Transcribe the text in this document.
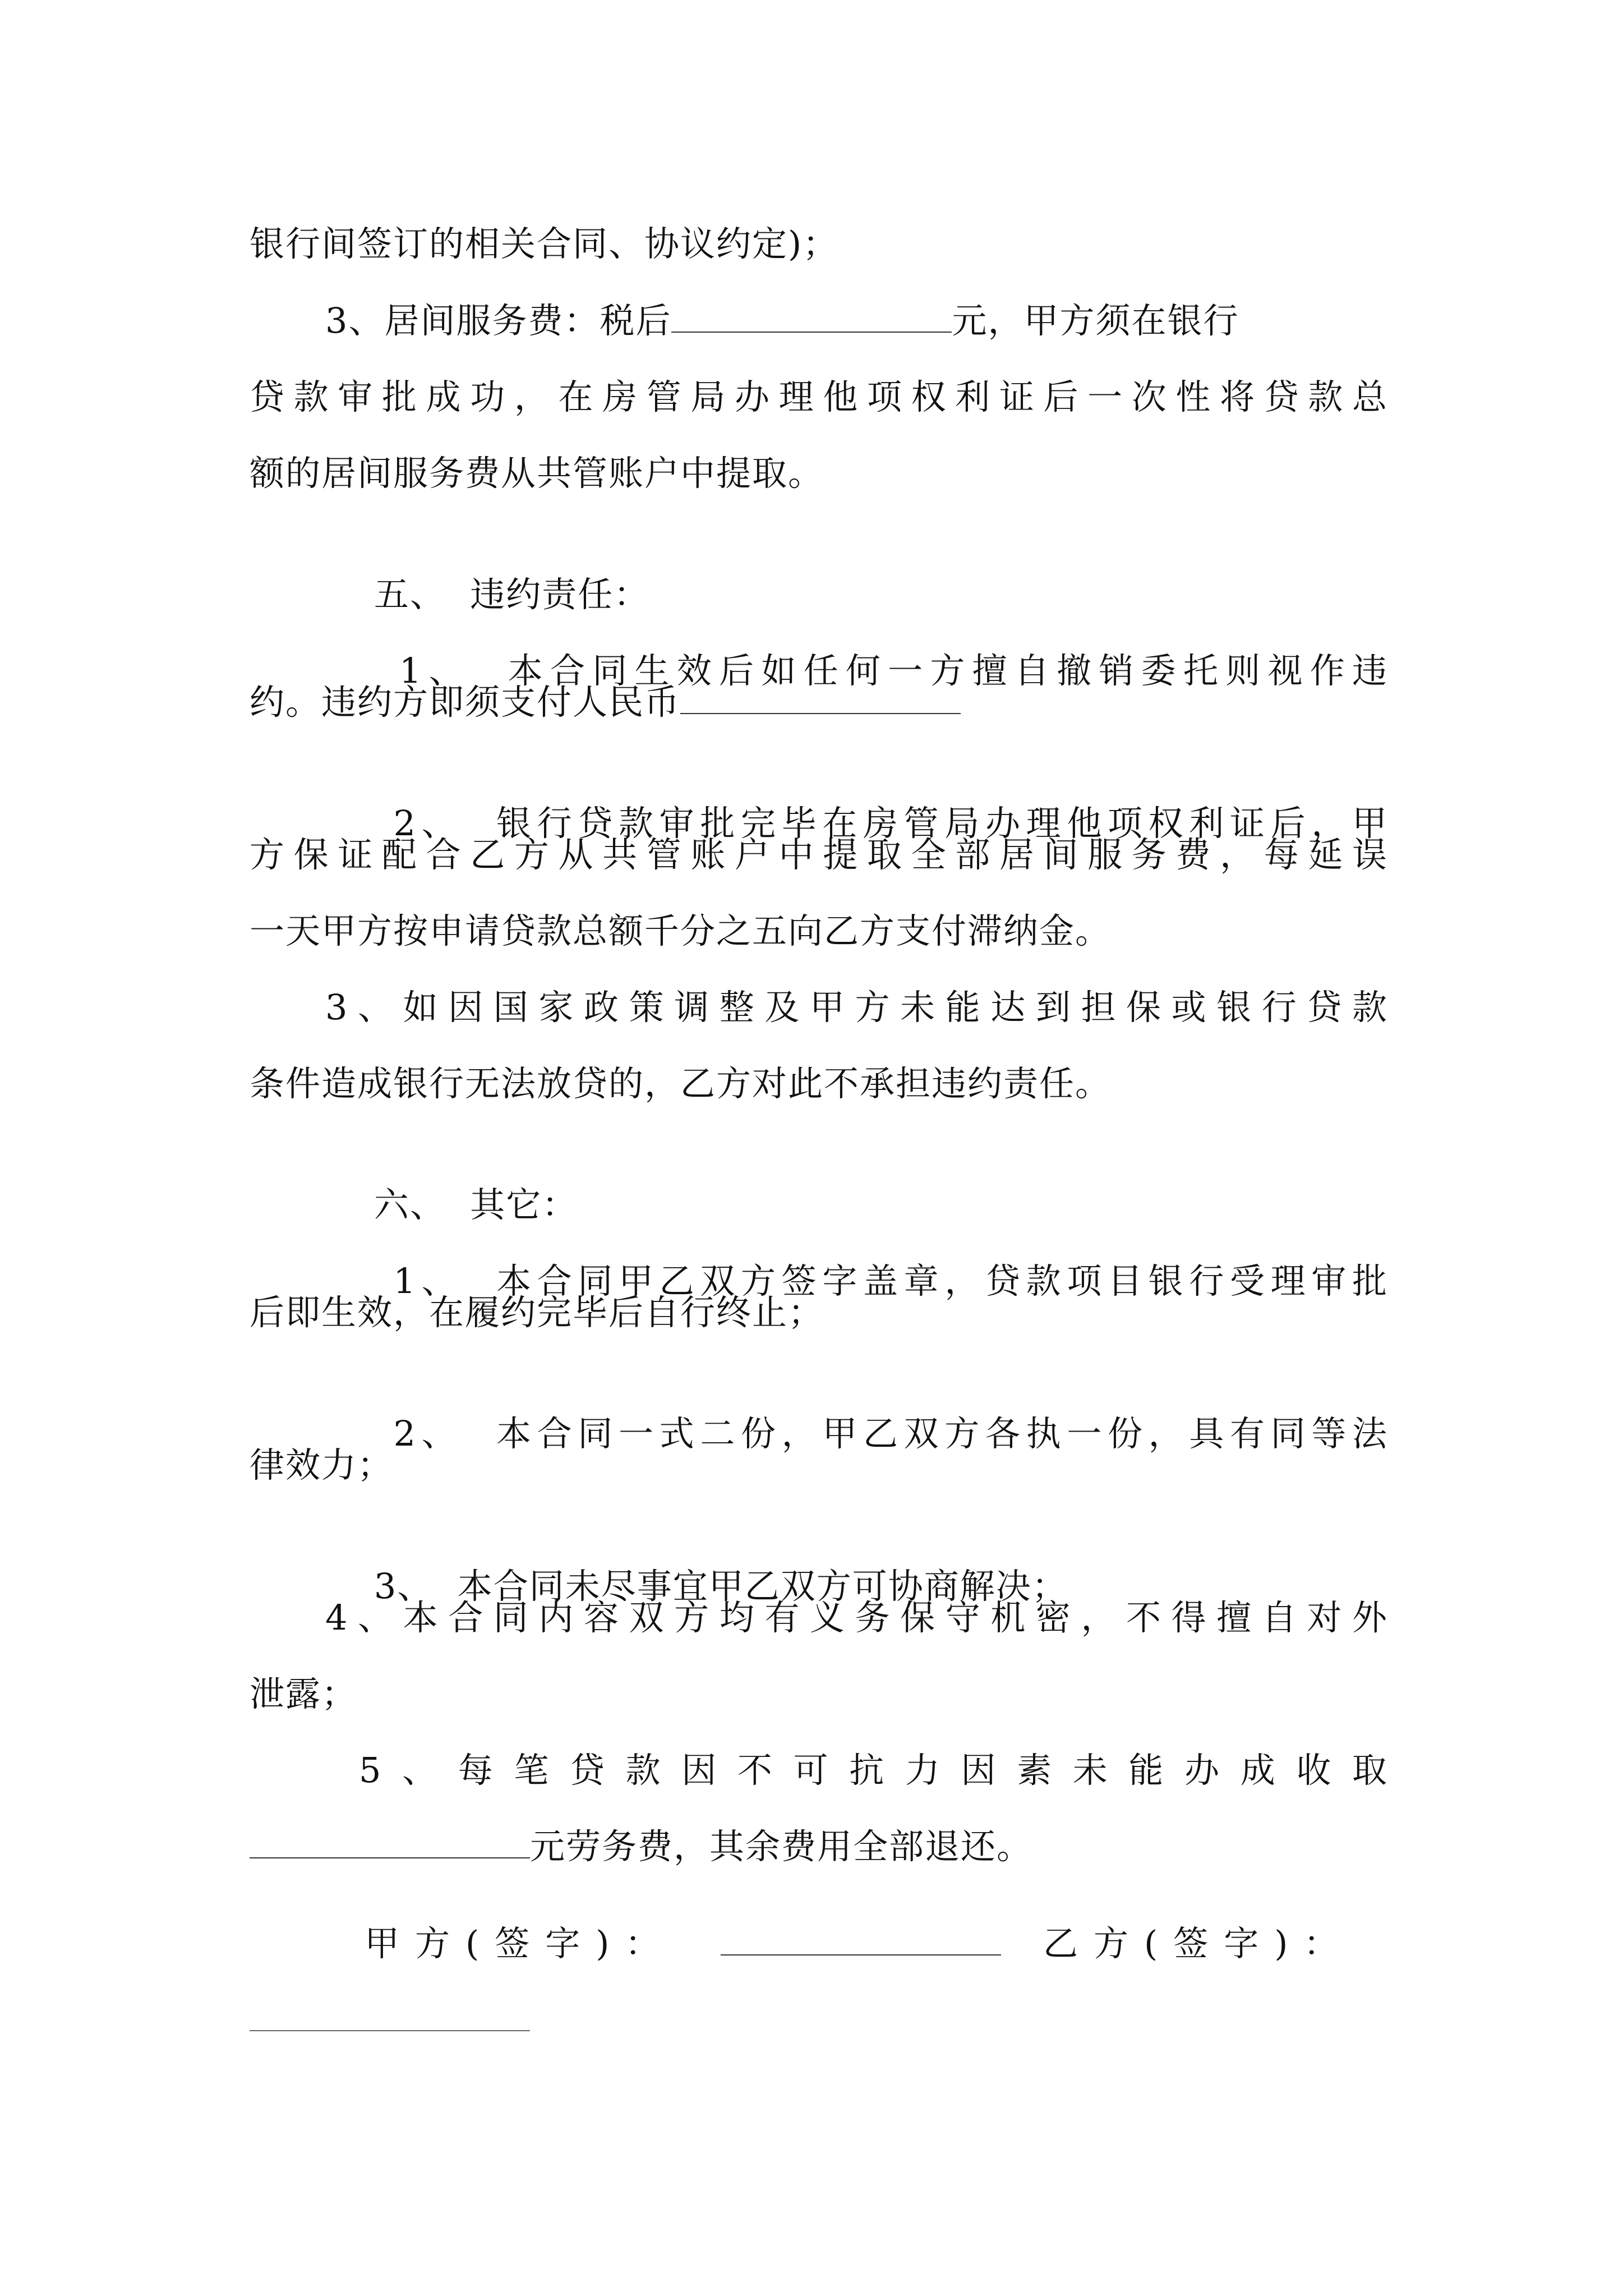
银行间签订的相关合同、协议约定)；
3、居间服务费：税后	元，甲方须在银行
贷款审批成功，在房管局办理他项权利证后一次性将贷款总
额的居间服务费从共管账户中提取。

五、  违约责任：

1、  本合同生效后如任何一方擅自撤销委托则视作违

约。违约方即须支付人民币

2、  银行贷款审批完毕在房管局办理他项权利证后，甲

方保证配合乙方从共管账户中提取全部居间服务费，每延误
一天甲方按申请贷款总额千分之五向乙方支付滞纳金。
3、如因国家政策调整及甲方未能达到担保或银行贷款
条件造成银行无法放贷的，乙方对此不承担违约责任。

六、  其它：

1、  本合同甲乙双方签字盖章，贷款项目银行受理审批

后即生效，在履约完毕后自行终止；

2、  本合同一式二份，甲乙双方各执一份，具有同等法

律效力；

3、  本合同未尽事宜甲乙双方可协商解决；

4、本合同内容双方均有义务保守机密，不得擅自对外
泄露；
5、每笔贷款因不可抗力因素未能办成收取
元劳务费，其余费用全部退还。
甲方(签字)：	乙方(签字)：
